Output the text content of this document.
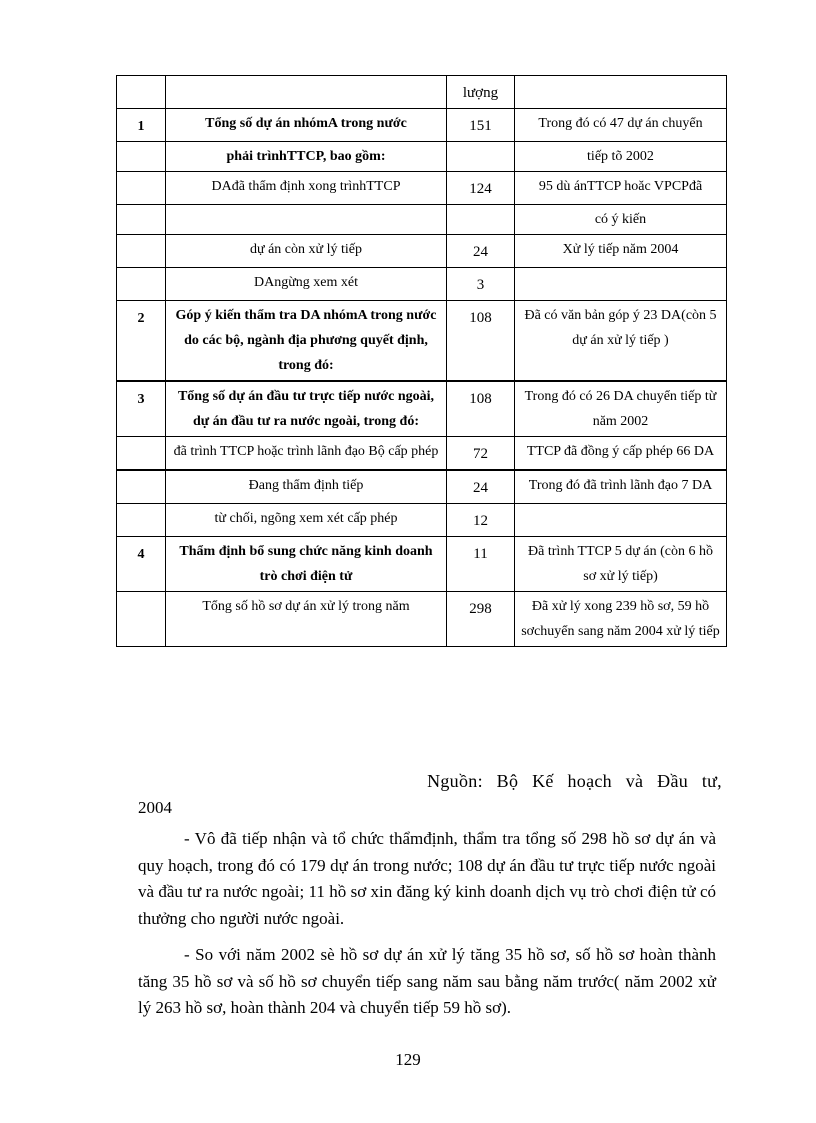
		lượng	
1	Tổng số dự án nhómA trong nước	151	Trong đó có 47 dự án chuyển
	phải trìnhTTCP, bao gồm:		tiếp tõ 2002
	DAđã thẩm định xong trìnhTTCP	124	95 dù ánTTCP hoăc VPCPđã
			có ý kiến
	dự án còn xử lý tiếp	24	Xử lý tiếp năm 2004
	DAngừng xem xét	3	
2	Góp ý kiến thẩm tra DA nhómA trong nước do các bộ, ngành địa phương quyết định, trong đó:	108	Đã có văn bản góp ý 23 DA(còn 5 dự án xử lý tiếp )
3	Tổng số dự án đầu tư trực tiếp nước ngoài, dự án đầu tư ra nước ngoài, trong đó:	108	Trong đó có 26 DA chuyển tiếp từ năm 2002
	đã trình TTCP hoặc trình lãnh đạo Bộ cấp phép	72	TTCP đã đồng ý cấp phép 66 DA
	Đang thẩm định tiếp	24	Trong đó đã trình lãnh đạo 7 DA
	từ chối, ngõng xem xét cấp phép	12	
4	Thẩm định bổ sung chức năng kinh doanh trò chơi điện tử	11	Đã trình TTCP 5 dự án (còn 6 hồ sơ xử lý tiếp)
	Tổng số hồ sơ dự án xử lý trong năm	298	Đã xử lý xong 239 hồ sơ, 59 hồ sơchuyển sang năm 2004 xử lý tiếp
Nguồn: Bộ Kế hoạch và Đầu tư,
2004

- Vô đã tiếp nhận và tổ chức thẩmđịnh, thẩm tra tổng số 298 hồ sơ dự án và quy hoạch, trong đó có 179 dự án trong nước; 108 dự án đầu tư trực tiếp nước ngoài và đầu tư ra nước ngoài; 11 hồ sơ xin đăng ký kinh doanh dịch vụ trò chơi điện tử có thưởng cho người nước ngoài.

- So với năm 2002 sè hồ sơ dự án xử lý tăng 35 hồ sơ, số hồ sơ hoàn thành tăng 35 hồ sơ và số hồ sơ chuyển tiếp sang năm sau bằng năm trước( năm 2002 xử lý 263 hồ sơ, hoàn thành 204 và chuyển tiếp 59 hồ sơ).

129
